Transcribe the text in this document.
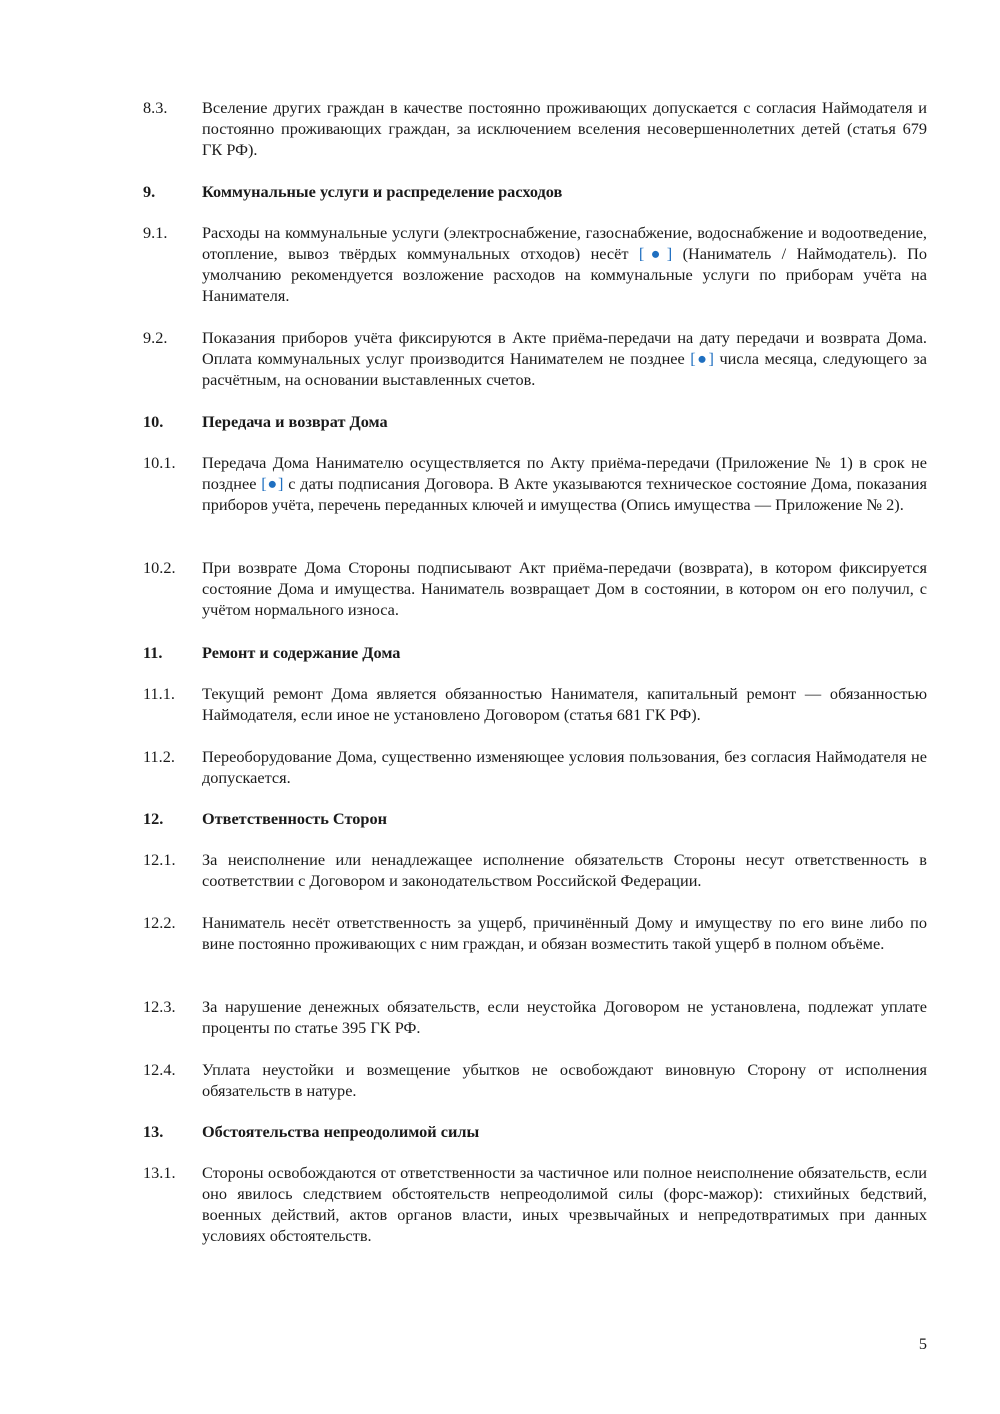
8.3.	Вселение других граждан в качестве постоянно проживающих допускается с согласия Наймодателя и постоянно проживающих граждан, за исключением вселения несовершеннолетних детей (статья 679 ГК РФ).
9.	Коммунальные услуги и распределение расходов
9.1.	Расходы на коммунальные услуги (электроснабжение, газоснабжение, водоснабжение и водоотведение, отопление, вывоз твёрдых коммунальных отходов) несёт [●] (Наниматель / Наймодатель). По умолчанию рекомендуется возложение расходов на коммунальные услуги по приборам учёта на Нанимателя.
9.2.	Показания приборов учёта фиксируются в Акте приёма-передачи на дату передачи и возврата Дома. Оплата коммунальных услуг производится Нанимателем не позднее [●] числа месяца, следующего за расчётным, на основании выставленных счетов.
10.	Передача и возврат Дома
10.1.	Передача Дома Нанимателю осуществляется по Акту приёма-передачи (Приложение № 1) в срок не позднее [●] с даты подписания Договора. В Акте указываются техническое состояние Дома, показания приборов учёта, перечень переданных ключей и имущества (Опись имущества — Приложение № 2).
10.2.	При возврате Дома Стороны подписывают Акт приёма-передачи (возврата), в котором фиксируется состояние Дома и имущества. Наниматель возвращает Дом в состоянии, в котором он его получил, с учётом нормального износа.
11.	Ремонт и содержание Дома
11.1.	Текущий ремонт Дома является обязанностью Нанимателя, капитальный ремонт — обязанностью Наймодателя, если иное не установлено Договором (статья 681 ГК РФ).
11.2.	Переоборудование Дома, существенно изменяющее условия пользования, без согласия Наймодателя не допускается.
12.	Ответственность Сторон
12.1.	За неисполнение или ненадлежащее исполнение обязательств Стороны несут ответственность в соответствии с Договором и законодательством Российской Федерации.
12.2.	Наниматель несёт ответственность за ущерб, причинённый Дому и имуществу по его вине либо по вине постоянно проживающих с ним граждан, и обязан возместить такой ущерб в полном объёме.
12.3.	За нарушение денежных обязательств, если неустойка Договором не установлена, подлежат уплате проценты по статье 395 ГК РФ.
12.4.	Уплата неустойки и возмещение убытков не освобождают виновную Сторону от исполнения обязательств в натуре.
13.	Обстоятельства непреодолимой силы
13.1.	Стороны освобождаются от ответственности за частичное или полное неисполнение обязательств, если оно явилось следствием обстоятельств непреодолимой силы (форс-мажор): стихийных бедствий, военных действий, актов органов власти, иных чрезвычайных и непредотвратимых при данных условиях обстоятельств.
5
